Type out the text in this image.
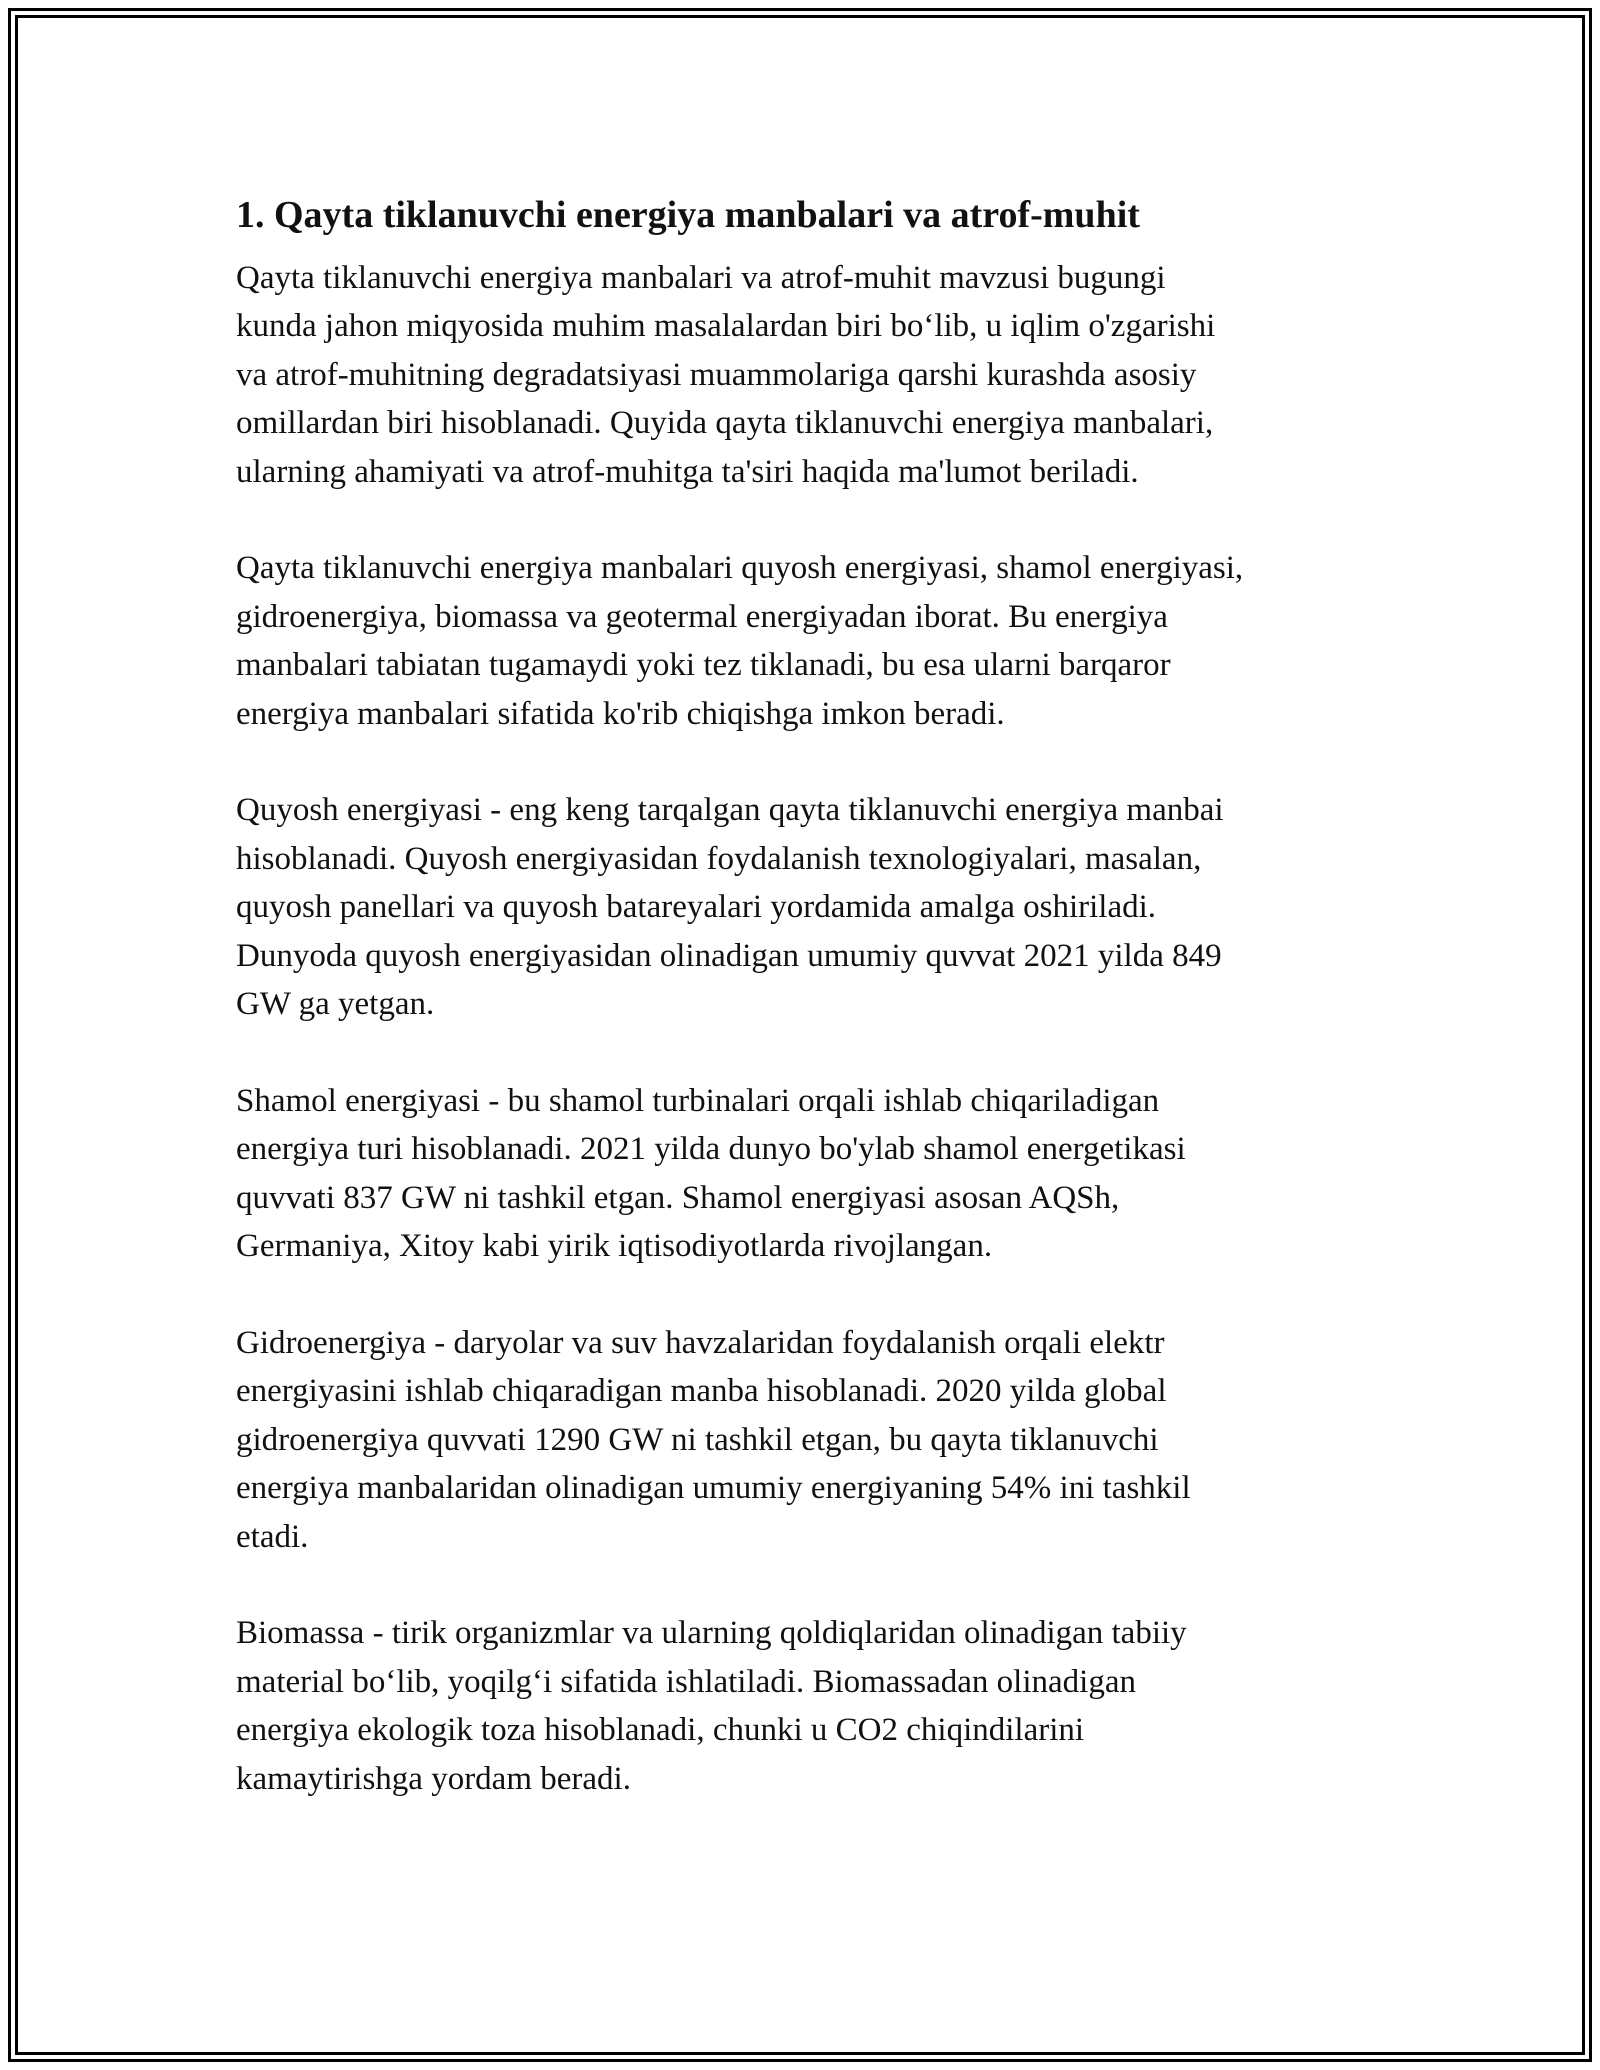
1. Qayta tiklanuvchi energiya manbalari va atrof-muhit

Qayta tiklanuvchi energiya manbalari va atrof-muhit mavzusi bugungi
kunda jahon miqyosida muhim masalalardan biri bo‘lib, u iqlim o'zgarishi
va atrof-muhitning degradatsiyasi muammolariga qarshi kurashda asosiy
omillardan biri hisoblanadi. Quyida qayta tiklanuvchi energiya manbalari,
ularning ahamiyati va atrof-muhitga ta'siri haqida ma'lumot beriladi.

Qayta tiklanuvchi energiya manbalari quyosh energiyasi, shamol energiyasi,
gidroenergiya, biomassa va geotermal energiyadan iborat. Bu energiya
manbalari tabiatan tugamaydi yoki tez tiklanadi, bu esa ularni barqaror
energiya manbalari sifatida ko'rib chiqishga imkon beradi.

Quyosh energiyasi - eng keng tarqalgan qayta tiklanuvchi energiya manbai
hisoblanadi. Quyosh energiyasidan foydalanish texnologiyalari, masalan,
quyosh panellari va quyosh batareyalari yordamida amalga oshiriladi.
Dunyoda quyosh energiyasidan olinadigan umumiy quvvat 2021 yilda 849
GW ga yetgan.

Shamol energiyasi - bu shamol turbinalari orqali ishlab chiqariladigan
energiya turi hisoblanadi. 2021 yilda dunyo bo'ylab shamol energetikasi
quvvati 837 GW ni tashkil etgan. Shamol energiyasi asosan AQSh,
Germaniya, Xitoy kabi yirik iqtisodiyotlarda rivojlangan.

Gidroenergiya - daryolar va suv havzalaridan foydalanish orqali elektr
energiyasini ishlab chiqaradigan manba hisoblanadi. 2020 yilda global
gidroenergiya quvvati 1290 GW ni tashkil etgan, bu qayta tiklanuvchi
energiya manbalaridan olinadigan umumiy energiyaning 54% ini tashkil
etadi.

Biomassa - tirik organizmlar va ularning qoldiqlaridan olinadigan tabiiy
material bo‘lib, yoqilg‘i sifatida ishlatiladi. Biomassadan olinadigan
energiya ekologik toza hisoblanadi, chunki u CO2 chiqindilarini
kamaytirishga yordam beradi.
